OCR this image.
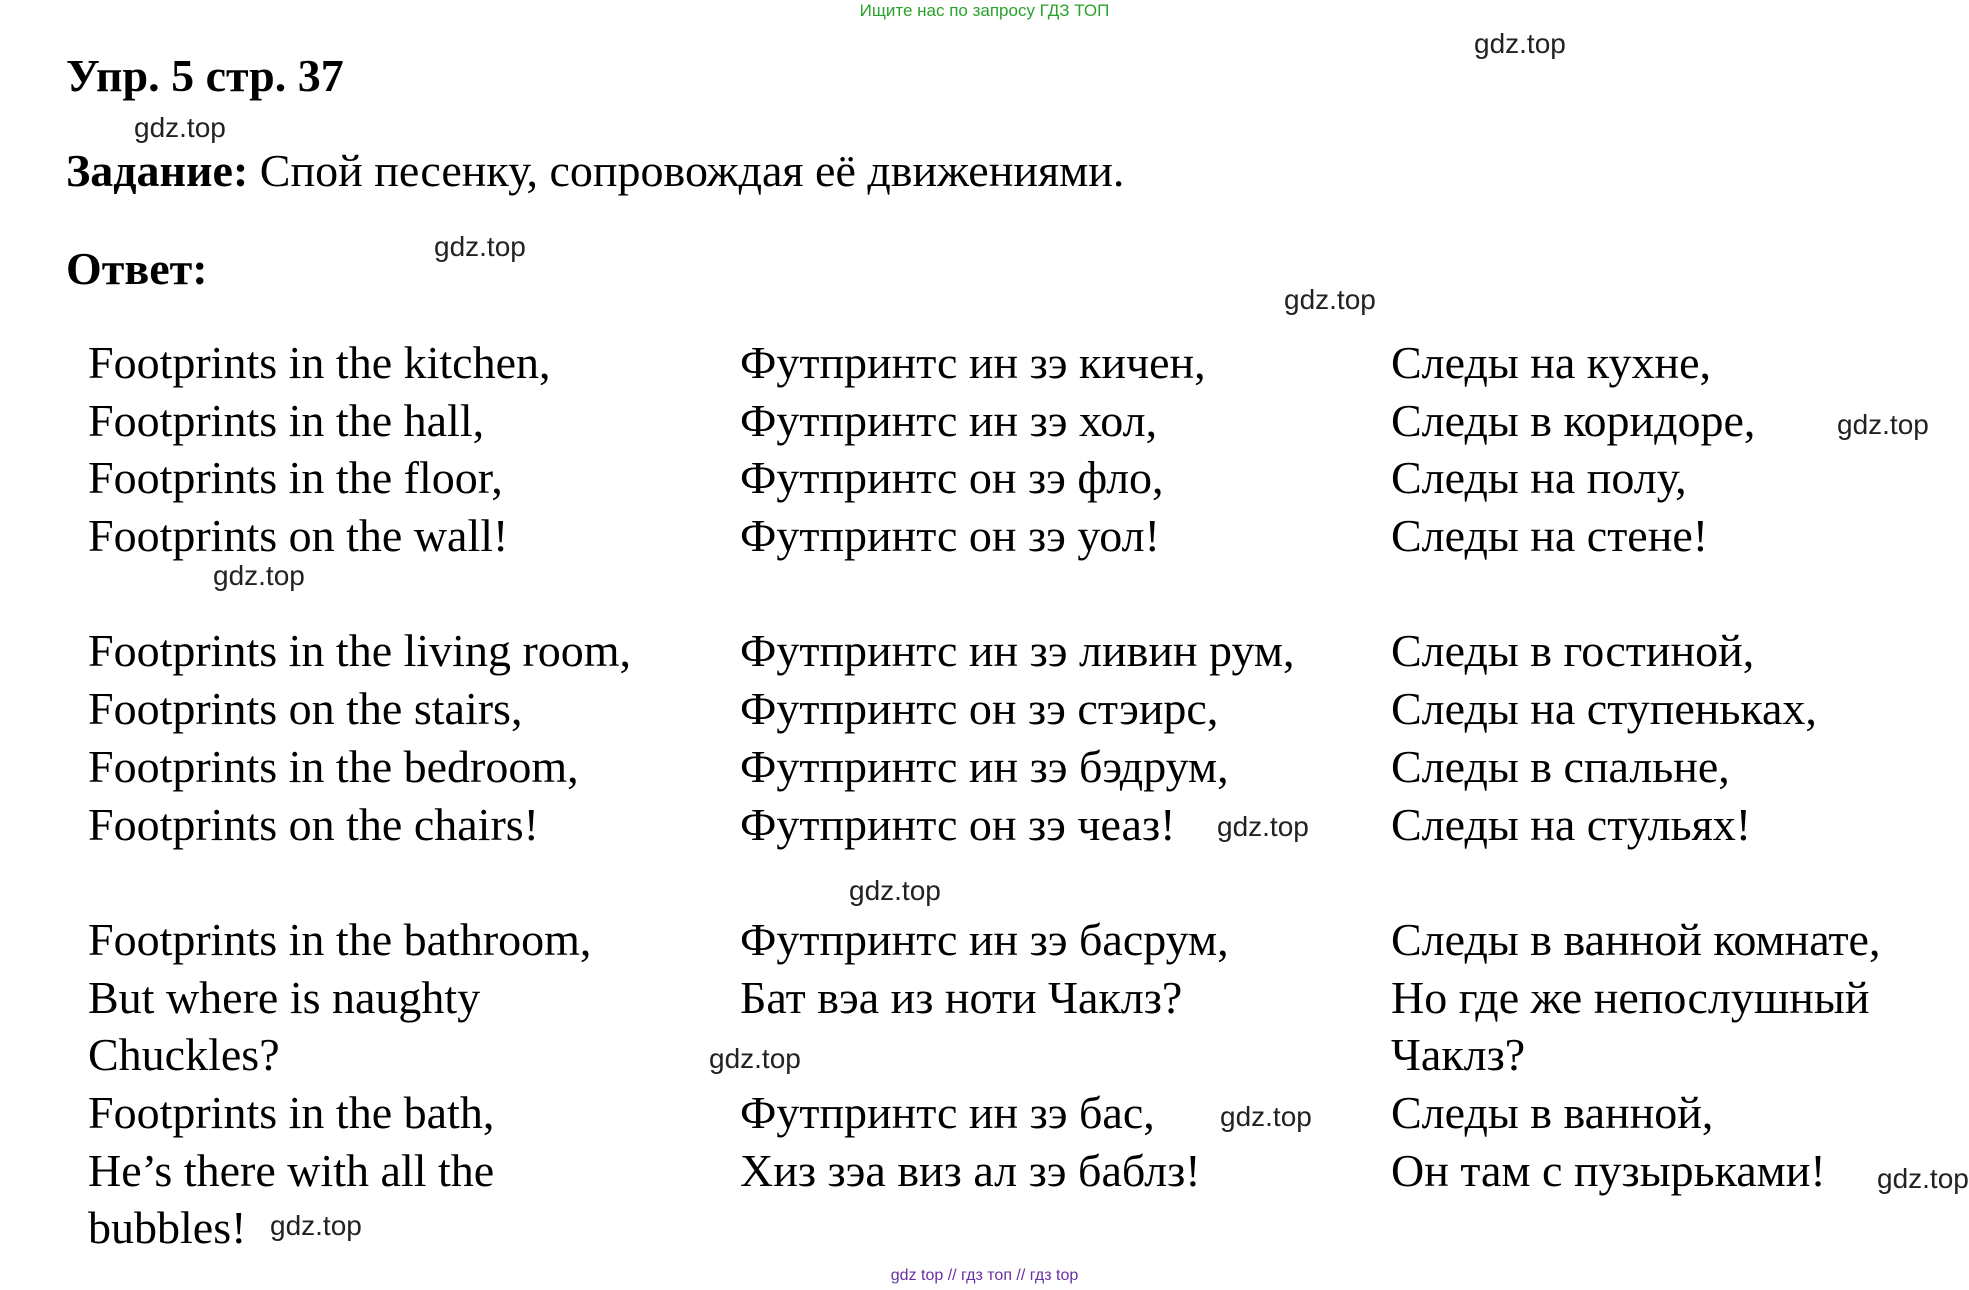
Ищите нас по запросу ГДЗ ТОП
Упр. 5 стр. 37
Задание: Спой песенку, сопровождая её движениями.
Ответ:
Footprints in the kitchen,
Footprints in the hall,
Footprints in the floor,
Footprints on the wall!
Footprints in the living room,
Footprints on the stairs,
Footprints in the bedroom,
Footprints on the chairs!
Footprints in the bathroom,
But where is naughty
Chuckles?
Footprints in the bath,
He’s there with all the
bubbles!
Футпринтс ин зэ кичен,
Футпринтс ин зэ хол,
Футпринтс он зэ фло,
Футпринтс он зэ уол!
Футпринтс ин зэ ливин рум,
Футпринтс он зэ стэирс,
Футпринтс ин зэ бэдрум,
Футпринтс он зэ чеаз!
Футпринтс ин зэ басрум,
Бат вэа из ноти Чаклз?
Футпринтс ин зэ бас,
Хиз зэа виз ал зэ баблз!
Следы на кухне,
Следы в коридоре,
Следы на полу,
Следы на стене!
Следы в гостиной,
Следы на ступеньках,
Следы в спальне,
Следы на стульях!
Следы в ванной комнате,
Но где же непослушный
Чаклз?
Следы в ванной,
Он там с пузырьками!
gdz.top
gdz.top
gdz.top
gdz.top
gdz.top
gdz.top
gdz.top
gdz.top
gdz.top
gdz.top
gdz.top
gdz.top
gdz top // гдз топ // гдз top
